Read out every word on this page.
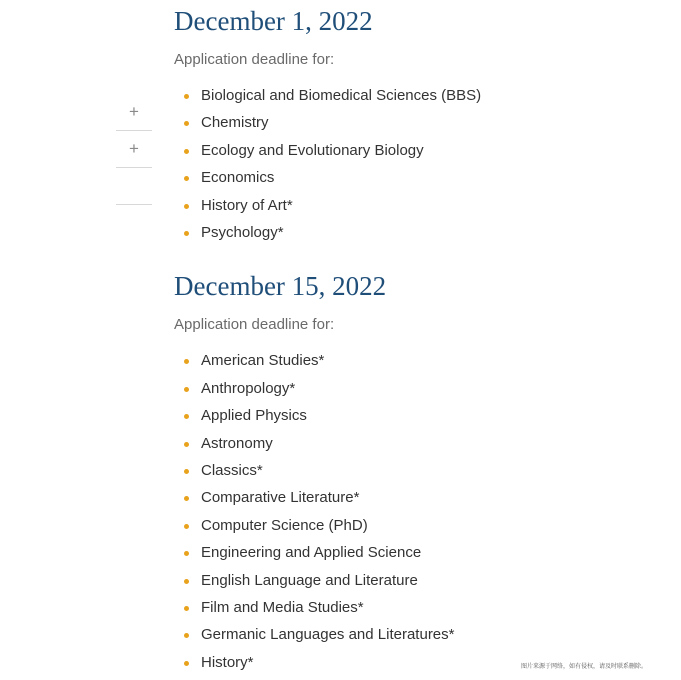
+
+
December 1, 2022

Application deadline for:

Biological and Biomedical Sciences (BBS)
Chemistry
Ecology and Evolutionary Biology
Economics
History of Art*
Psychology*
December 15, 2022

Application deadline for:

American Studies*
Anthropology*
Applied Physics
Astronomy
Classics*
Comparative Literature*
Computer Science (PhD)
Engineering and Applied Science
English Language and Literature
Film and Media Studies*
Germanic Languages and Literatures*
History*	图片来源于网络，如有侵权，请及时联系删除。
